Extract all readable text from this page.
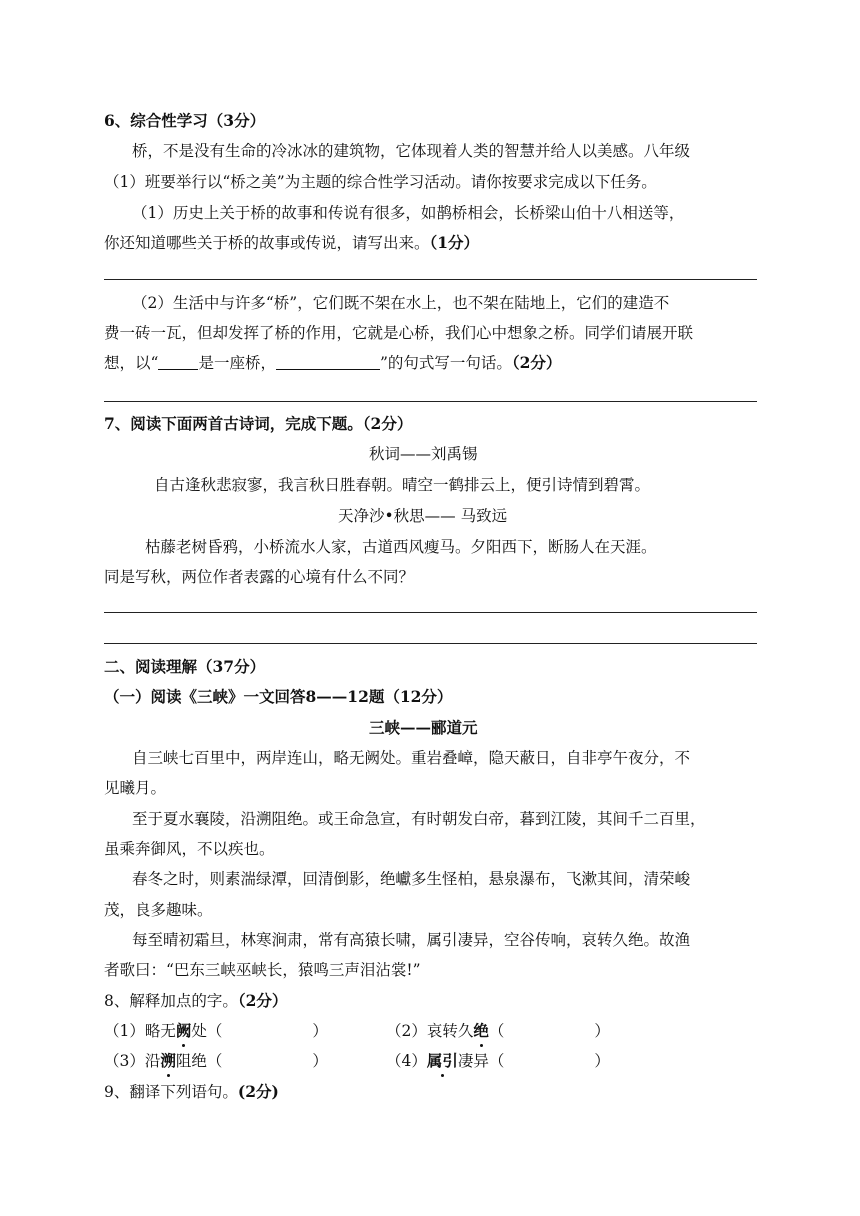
6、综合性学习（3分）
桥，不是没有生命的冷冰冰的建筑物，它体现着人类的智慧并给人以美感。八年级
（1）班要举行以“桥之美”为主题的综合性学习活动。请你按要求完成以下任务。
（1）历史上关于桥的故事和传说有很多，如鹊桥相会，长桥梁山伯十八相送等，
你还知道哪些关于桥的故事或传说，请写出来。（1分）
（2）生活中与许多“桥”，它们既不架在水上，也不架在陆地上，它们的建造不
费一砖一瓦，但却发挥了桥的作用，它就是心桥，我们心中想象之桥。同学们请展开联
想，以“	是一座桥，	”的句式写一句话。（2分）
7、阅读下面两首古诗词，完成下题。（2分）
秋词——刘禹锡
自古逢秋悲寂寥，我言秋日胜春朝。晴空一鹤排云上，便引诗情到碧霄。
天净沙•秋思—— 马致远
枯藤老树昏鸦，小桥流水人家，古道西风瘦马。夕阳西下，断肠人在天涯。
同是写秋，两位作者表露的心境有什么不同？
二、阅读理解（37分）
（一）阅读《三峡》一文回答8——12题（12分）
三峡——郦道元
自三峡七百里中，两岸连山，略无阙处。重岩叠嶂，隐天蔽日，自非亭午夜分，不
见曦月。
至于夏水襄陵，沿溯阻绝。或王命急宣，有时朝发白帝，暮到江陵，其间千二百里，
虽乘奔御风，不以疾也。
春冬之时，则素湍绿潭，回清倒影，绝巘多生怪柏，悬泉瀑布，飞漱其间，清荣峻
茂，良多趣味。
每至晴初霜旦，林寒涧肃，常有高猿长啸，属引凄异，空谷传响，哀转久绝。故渔
者歌曰：“巴东三峡巫峡长，猿鸣三声泪沾裳!”
8、解释加点的字。（2分）
（1）略无阙处（	）	（2）哀转久绝（	）
（3）沿溯阻绝（	）	（4）属引凄异（	）
9、翻译下列语句。(2分)
